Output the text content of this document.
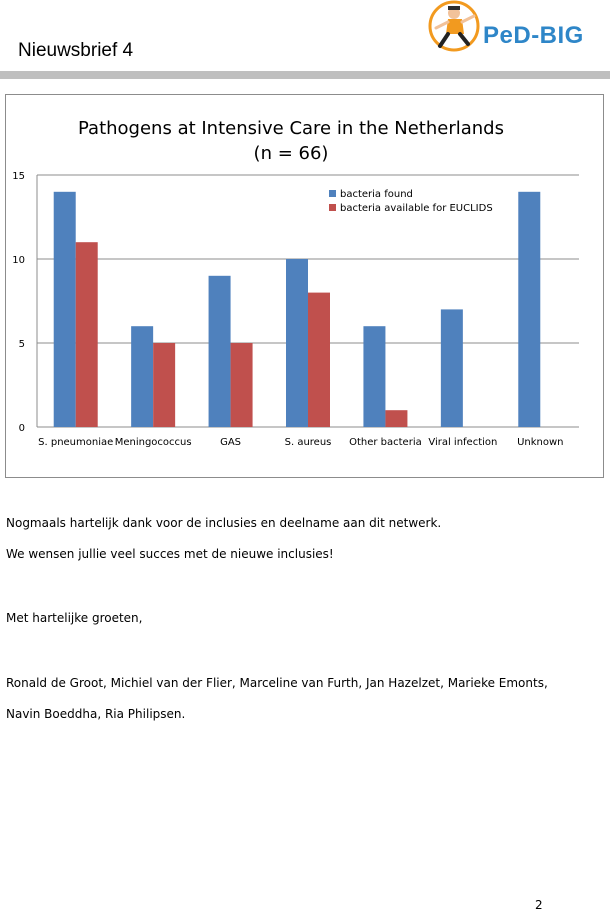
Nieuwsbrief 4
PeD-BIG
Pathogens at Intensive Care in the Netherlands
(n = 66)
0
5
10
15
S. pneumoniae Meningococcus	GAS	S. aureus Other bacteria Viral infection Unknown
bacteria found
bacteria available for EUCLIDS
Nogmaals hartelijk dank voor de inclusies en deelname aan dit netwerk.
We wensen jullie veel succes met de nieuwe inclusies!
Met hartelijke groeten,
Ronald de Groot, Michiel van der Flier, Marceline van Furth, Jan Hazelzet, Marieke Emonts,
Navin Boeddha, Ria Philipsen.
2
